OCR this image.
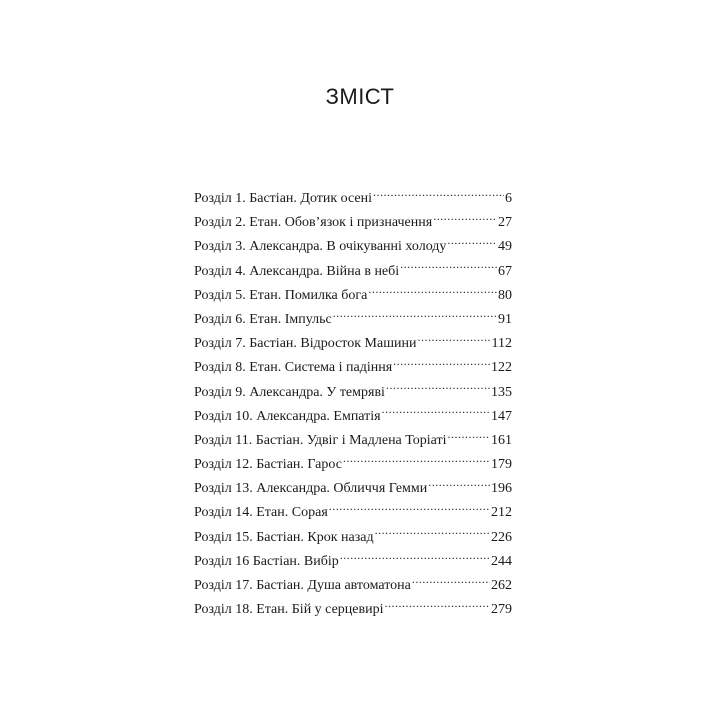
ЗМІСТ
Розділ 1. Бастіан. Дотик осені .....	6
Розділ 2. Етан. Обов’язок і призначення .....	27
Розділ 3. Александра. В очікуванні холоду .....	49
Розділ 4. Александра. Війна в небі .....	67
Розділ 5. Етан. Помилка бога .....	80
Розділ 6. Етан. Імпульс .....	91
Розділ 7. Бастіан. Відросток Машини .....	112
Розділ 8. Етан. Система і падіння .....	122
Розділ 9. Александра. У темряві .....	135
Розділ 10. Александра. Емпатія .....	147
Розділ 11. Бастіан. Удвіг і Мадлена Торіаті .....	161
Розділ 12. Бастіан. Гарос .....	179
Розділ 13. Александра. Обличчя Гемми .....	196
Розділ 14. Етан. Сорая .....	212
Розділ 15. Бастіан. Крок назад .....	226
Розділ 16 Бастіан. Вибір .....	244
Розділ 17. Бастіан. Душа автоматона .....	262
Розділ 18. Етан. Бій у серцевирі .....	279
